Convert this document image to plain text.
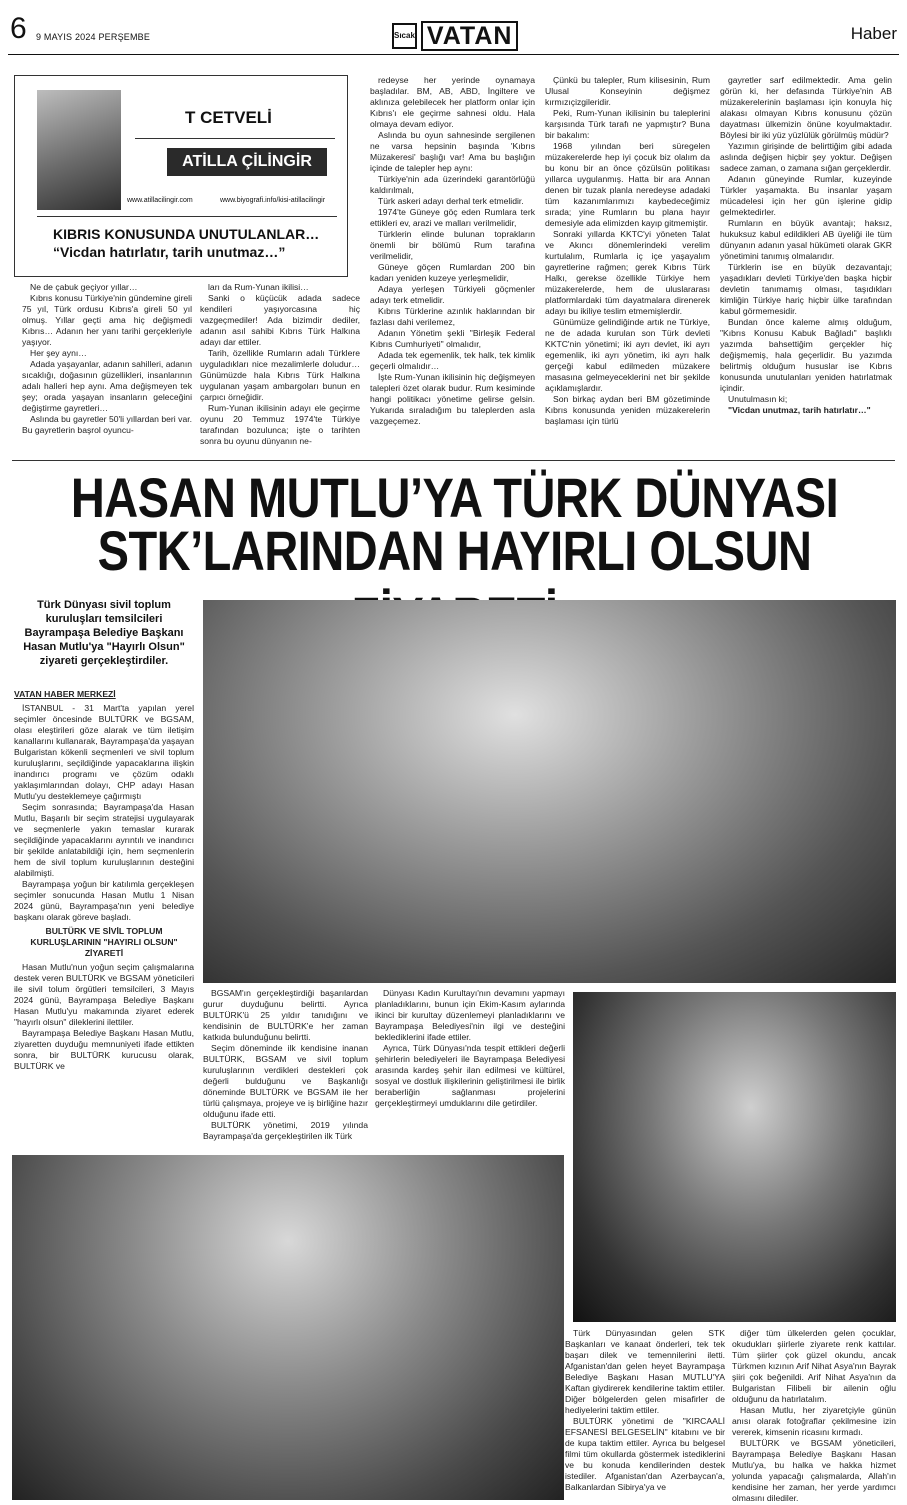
6 9 MAYIS 2024 PERŞEMBE	Sıcak VATAN	Haber
T CETVELİ
ATİLLA ÇİLİNGİR
www.atillacilingir.com	www.biyografi.info/kisi-atillacilingir
KIBRIS KONUSUNDA UNUTULANLAR…
“Vicdan hatırlatır, tarih unutmaz…”

Ne de çabuk geçiyor yıllar…

Kıbrıs konusu Türkiye'nin gündemine gireli 75 yıl, Türk ordusu Kıbrıs'a gireli 50 yıl olmuş. Yıllar geçti ama hiç değişmedi Kıbrıs… Adanın her yanı tarihi gerçekleriyle yaşıyor.

Her şey aynı…

Adada yaşayanlar, adanın sahilleri, adanın sıcaklığı, doğasının güzellikleri, insanlarının adalı halleri hep aynı. Ama değişmeyen tek şey; orada yaşayan insanların geleceğini değiştirme gayretleri…

Aslında bu gayretler 50'li yıllardan beri var. Bu gayretlerin başrol oyuncu-

ları da Rum-Yunan ikilisi…

Sanki o küçücük adada sadece kendileri yaşıyorcasına hiç vazgeçmediler! Ada bizimdir dediler, adanın asıl sahibi Kıbrıs Türk Halkına adayı dar ettiler.

Tarih, özellikle Rumların adalı Türklere uyguladıkları nice mezalimlerle doludur… Günümüzde hala Kıbrıs Türk Halkına uygulanan yaşam ambargoları bunun en çarpıcı örneğidir.

Rum-Yunan ikilisinin adayı ele geçirme oyunu 20 Temmuz 1974'te Türkiye tarafından bozulunca; işte o tarihten sonra bu oyunu dünyanın ne-

redeyse her yerinde oynamaya başladılar. BM, AB, ABD, İngiltere ve aklınıza gelebilecek her platform onlar için Kıbrıs'ı ele geçirme sahnesi oldu. Hala olmaya devam ediyor.

Aslında bu oyun sahnesinde sergilenen ne varsa hepsinin başında 'Kıbrıs Müzakeresi' başlığı var! Ama bu başlığın içinde de talepler hep aynı:

Türkiye'nin ada üzerindeki garantörlüğü kaldırılmalı,

Türk askeri adayı derhal terk etmelidir.

1974'te Güneye göç eden Rumlara terk ettikleri ev, arazi ve malları verilmelidir,

Türklerin elinde bulunan toprakların önemli bir bölümü Rum tarafına verilmelidir,

Güneye göçen Rumlardan 200 bin kadarı yeniden kuzeye yerleşmelidir,

Adaya yerleşen Türkiyeli göçmenler adayı terk etmelidir.

Kıbrıs Türklerine azınlık haklarından bir fazlası dahi verilemez,

Adanın Yönetim şekli "Birleşik Federal Kıbrıs Cumhuriyeti" olmalıdır,

Adada tek egemenlik, tek halk, tek kimlik geçerli olmalıdır…

İşte Rum-Yunan ikilisinin hiç değişmeyen talepleri özet olarak budur. Rum kesiminde hangi politikacı yönetime gelirse gelsin. Yukarıda sıraladığım bu taleplerden asla vazgeçemez.

Çünkü bu talepler, Rum kilisesinin, Rum Ulusal Konseyinin değişmez kırmızıçizgileridir.

Peki, Rum-Yunan ikilisinin bu taleplerini karşısında Türk tarafı ne yapmıştır? Buna bir bakalım:

1968 yılından beri süregelen müzakerelerde hep iyi çocuk biz olalım da bu konu bir an önce çözülsün politikası yıllarca uygulanmış. Hatta bir ara Annan denen bir tuzak planla neredeyse adadaki tüm kazanımlarımızı kaybedeceğimiz sırada; yine Rumların bu plana hayır demesiyle ada elimizden kayıp gitmemiştir.

Sonraki yıllarda KKTC'yi yöneten Talat ve Akıncı dönemlerindeki verelim kurtulalım, Rumlarla iç içe yaşayalım gayretlerine rağmen; gerek Kıbrıs Türk Halkı, gerekse özellikle Türkiye hem müzakerelerde, hem de uluslararası platformlardaki tüm dayatmalara direnerek adayı bu ikiliye teslim etmemişlerdir.

Günümüze gelindiğinde artık ne Türkiye, ne de adada kurulan son Türk devleti KKTC'nin yönetimi; iki ayrı devlet, iki ayrı egemenlik, iki ayrı yönetim, iki ayrı halk gerçeği kabul edilmeden müzakere masasına gelmeyeceklerini net bir şekilde açıklamışlardır.

Son birkaç aydan beri BM gözetiminde Kıbrıs konusunda yeniden müzakerelerin başlaması için türlü

gayretler sarf edilmektedir. Ama gelin görün ki, her defasında Türkiye'nin AB müzakerelerinin başlaması için konuyla hiç alakası olmayan Kıbrıs konusunu çözün dayatması ülkemizin önüne koyulmaktadır. Böylesi bir iki yüz yüzlülük görülmüş müdür?

Yazımın girişinde de belirttiğim gibi adada aslında değişen hiçbir şey yoktur. Değişen sadece zaman, o zamana sığan gerçeklerdir.

Adanın güneyinde Rumlar, kuzeyinde Türkler yaşamakta. Bu insanlar yaşam mücadelesi için her gün işlerine gidip gelmektedirler.

Rumların en büyük avantajı; haksız, hukuksuz kabul edildikleri AB üyeliği ile tüm dünyanın adanın yasal hükümeti olarak GKR yönetimini tanımış olmalarıdır.

Türklerin ise en büyük dezavantajı; yaşadıkları devleti Türkiye'den başka hiçbir devletin tanımamış olması, taşıdıkları kimliğin Türkiye hariç hiçbir ülke tarafından kabul görmemesidir.

Bundan önce kaleme almış olduğum, "Kıbrıs Konusu Kabuk Bağladı" başlıklı yazımda bahsettiğim gerçekler hiç değişmemiş, hala geçerlidir. Bu yazımda belirtmiş olduğum hususlar ise Kıbrıs konusunda unutulanları yeniden hatırlatmak içindir.

Unutulmasın ki;

"Vicdan unutmaz, tarih hatırlatır…"

HASAN MUTLU’YA TÜRK DÜNYASI
STK’LARINDAN HAYIRLI OLSUN
Türk Dünyası sivil toplum kuruluşları temsilcileri Bayrampaşa Belediye Başkanı Hasan Mutlu'ya "Hayırlı Olsun" ziyareti gerçekleştirdiler.

VATAN HABER MERKEZİ

İSTANBUL - 31 Mart'ta yapılan yerel seçimler öncesinde BULTÜRK ve BGSAM, olası eleştirileri göze alarak ve tüm iletişim kanallarını kullanarak, Bayrampaşa'da yaşayan Bulgaristan kökenli seçmenleri ve sivil toplum kuruluşlarını, seçildiğinde yapacaklarına ilişkin inandırıcı programı ve çözüm odaklı yaklaşımlarından dolayı, CHP adayı Hasan Mutlu'yu desteklemeye çağırmıştı

Seçim sonrasında; Bayrampaşa'da Hasan Mutlu, Başarılı bir seçim stratejisi uygulayarak ve seçmenlerle yakın temaslar kurarak seçildiğinde yapacaklarını ayrıntılı ve inandırıcı bir şekilde anlatabildiği için, hem seçmenlerin hem de sivil toplum kuruluşlarının desteğini alabilmişti.

Bayrampaşa yoğun bir katılımla gerçekleşen seçimler sonucunda Hasan Mutlu 1 Nisan 2024 günü, Bayrampaşa'nın yeni belediye başkanı olarak göreve başladı.

BULTÜRK VE SİVİL TOPLUM KURLUŞLARININ "HAYIRLI OLSUN" ZİYARETİ

Hasan Mutlu'nun yoğun seçim çalışmalarına destek veren BULTÜRK ve BGSAM yöneticileri ile sivil tolum örgütleri temsilcileri, 3 Mayıs 2024 günü, Bayrampaşa Belediye Başkanı Hasan Mutlu'yu makamında ziyaret ederek "hayırlı olsun" dileklerini ilettiler.

Bayrampaşa Belediye Başkanı Hasan Mutlu, ziyaretten duyduğu memnuniyeti ifade ettikten sonra, bir BULTÜRK kurucusu olarak, BULTÜRK ve

BGSAM'ın gerçekleştirdiği başarılardan gurur duyduğunu belirtti. Ayrıca BULTÜRK'ü 25 yıldır tanıdığını ve kendisinin de BULTÜRK'e her zaman katkıda bulunduğunu belirtti.

Seçim döneminde ilk kendisine inanan BULTÜRK, BGSAM ve sivil toplum kuruluşlarının verdikleri destekleri çok değerli bulduğunu ve Başkanlığı döneminde BULTÜRK ve BGSAM ile her türlü çalışmaya, projeye ve iş birliğine hazır olduğunu ifade etti.

BULTÜRK yönetimi, 2019 yılında Bayrampaşa'da gerçekleştirilen ilk Türk

Dünyası Kadın Kurultayı'nın devamını yapmayı planladıklarını, bunun için Ekim-Kasım aylarında ikinci bir kurultay düzenlemeyi planladıklarını ve Bayrampaşa Belediyesi'nin ilgi ve desteğini beklediklerini ifade ettiler.

Ayrıca, Türk Dünyası'nda tespit ettikleri değerli şehirlerin belediyeleri ile Bayrampaşa Belediyesi arasında kardeş şehir ilan edilmesi ve kültürel, sosyal ve dostluk ilişkilerinin geliştirilmesi ile birlik beraberliğin sağlanması projelerini gerçekleştirmeyi umduklarını dile getirdiler.

Türk Dünyasından gelen STK Başkanları ve kanaat önderleri, tek tek başarı dilek ve temennilerini iletti. Afganistan'dan gelen heyet Bayrampaşa Belediye Başkanı Hasan MUTLU'YA Kaftan giydirerek kendilerine taktim ettiler. Diğer bölgelerden gelen misafirler de hediyelerini taktim ettiler.

BULTÜRK yönetimi de "KIRCAALİ EFSANESİ BELGESELİN" kitabını ve bir de kupa taktim ettiler. Ayrıca bu belgesel filmi tüm okullarda göstermek istediklerini ve bu konuda kendilerinden destek istediler. Afganistan'dan Azerbaycan'a, Balkanlardan Sibirya'ya ve

diğer tüm ülkelerden gelen çocuklar, okudukları şiirlerle ziyarete renk kattılar. Tüm şiirler çok güzel okundu, ancak Türkmen kızının Arif Nihat Asya'nın Bayrak şiiri çok beğenildi. Arif Nihat Asya'nın da Bulgaristan Filibeli bir ailenin oğlu olduğunu da hatırlatalım.

Hasan Mutlu, her ziyaretçiyle günün anısı olarak fotoğraflar çekilmesine izin vererek, kimsenin ricasını kırmadı.

BULTÜRK ve BGSAM yöneticileri, Bayrampaşa Belediye Başkanı Hasan Mutlu'ya, bu halka ve hakka hizmet yolunda yapacağı çalışmalarda, Allah'ın kendisine her zaman, her yerde yardımcı olmasını dilediler.
